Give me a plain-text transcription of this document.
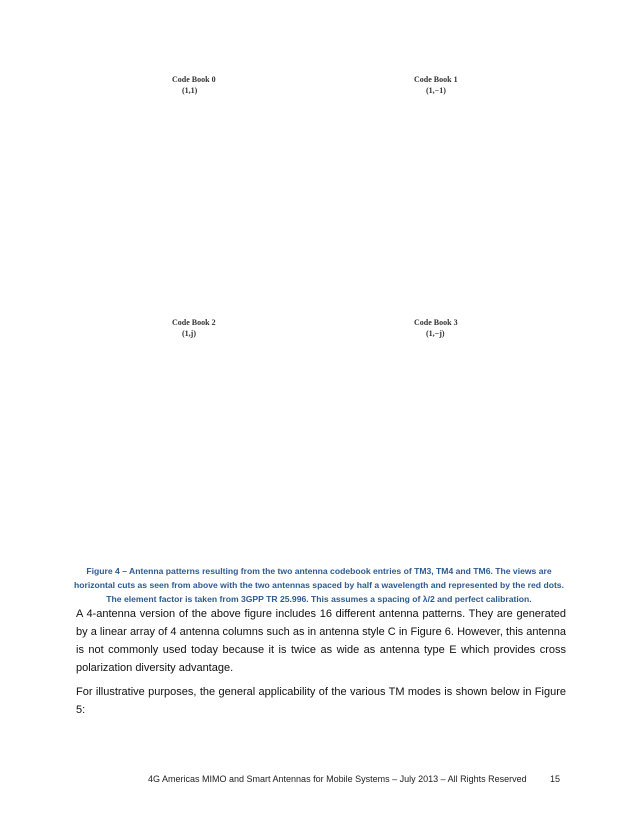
Code Book 0
(1,1)
Code Book 1
(1,−1)
Code Book 2
(1,j)
Code Book 3
(1,−j)
Figure 4 – Antenna patterns resulting from the two antenna codebook entries of TM3, TM4 and TM6. The views are
horizontal cuts as seen from above with the two antennas spaced by half a wavelength and represented by the red dots.
The element factor is taken from 3GPP TR 25.996. This assumes a spacing of λ/2 and perfect calibration.

A 4-antenna version of the above figure includes 16 different antenna patterns. They are generated by a linear array of 4 antenna columns such as in antenna style C in Figure 6. However, this antenna is not commonly used today because it is twice as wide as antenna type E which provides cross polarization diversity advantage.

For illustrative purposes, the general applicability of the various TM modes is shown below in Figure 5:

4G Americas MIMO and Smart Antennas for Mobile Systems – July 2013 – All Rights Reserved	15
